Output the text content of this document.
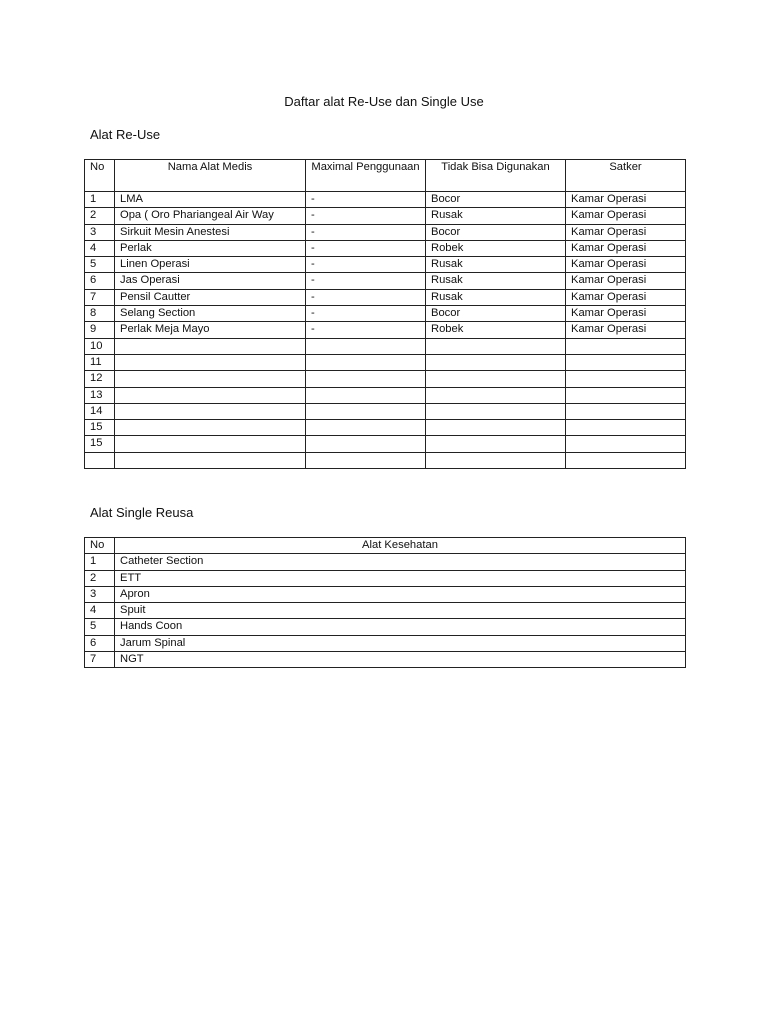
Daftar alat Re-Use dan Single Use
Alat Re-Use
No	Nama Alat Medis	Maximal Penggunaan	Tidak Bisa Digunakan	Satker
1	LMA	-	Bocor	Kamar Operasi
2	Opa ( Oro Phariangeal Air Way	-	Rusak	Kamar Operasi
3	Sirkuit Mesin Anestesi	-	Bocor	Kamar Operasi
4	Perlak	-	Robek	Kamar Operasi
5	Linen Operasi	-	Rusak	Kamar Operasi
6	Jas Operasi	-	Rusak	Kamar Operasi
7	Pensil Cautter	-	Rusak	Kamar Operasi
8	Selang Section	-	Bocor	Kamar Operasi
9	Perlak Meja Mayo	-	Robek	Kamar Operasi
10				
11				
12				
13				
14				
15				
15				

Alat Single Reusa
No	Alat Kesehatan
1	Catheter Section
2	ETT
3	Apron
4	Spuit
5	Hands Coon
6	Jarum Spinal
7	NGT
